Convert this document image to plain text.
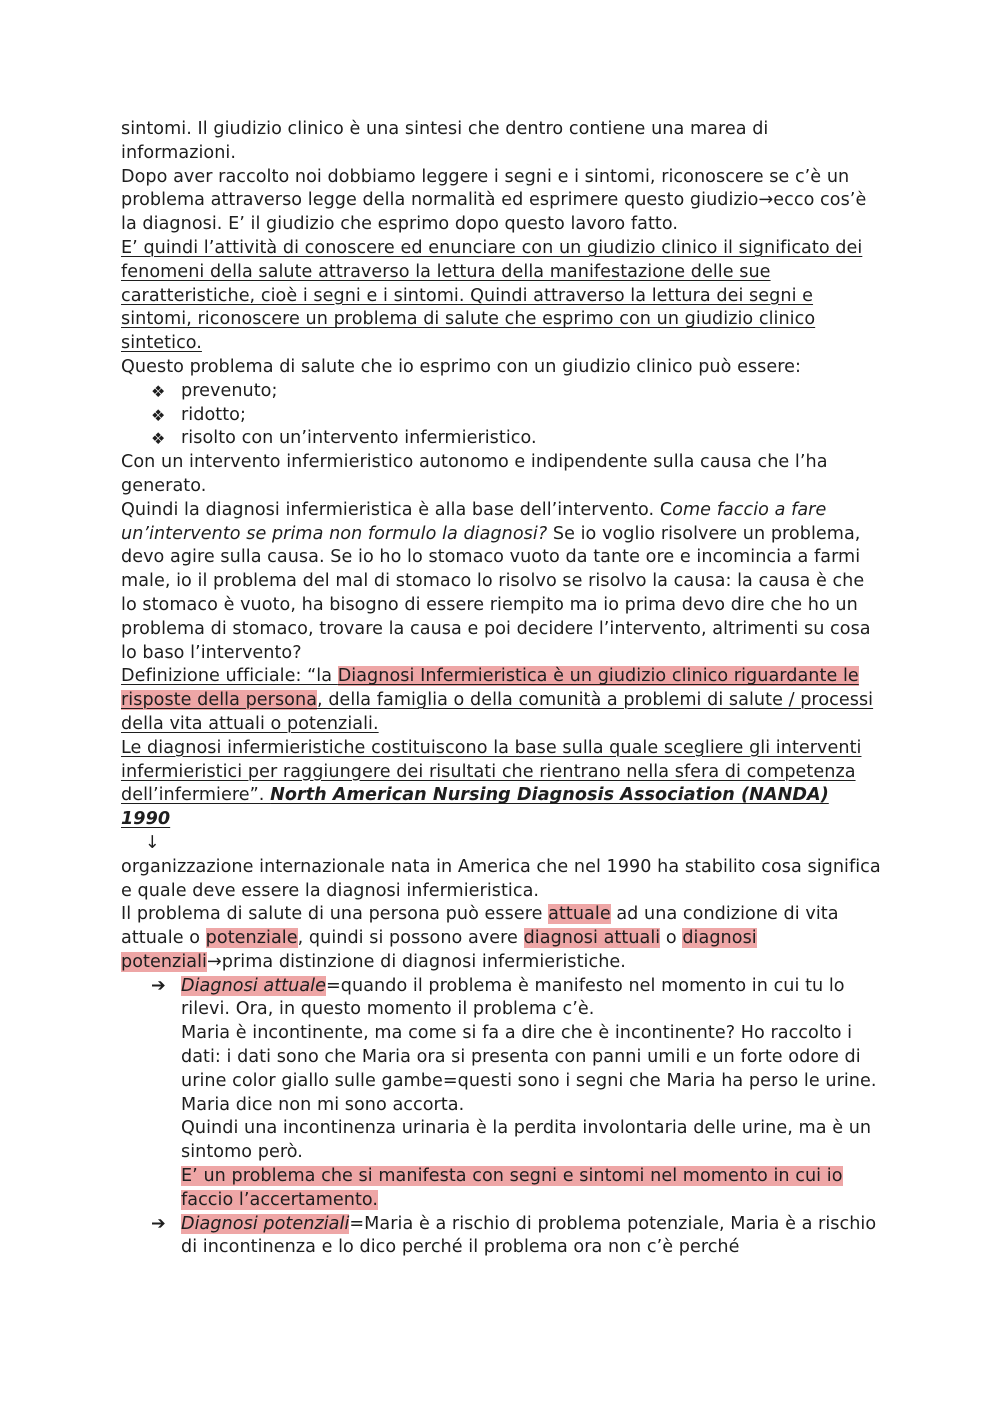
sintomi. Il giudizio clinico è una sintesi che dentro contiene una marea di informazioni.

Dopo aver raccolto noi dobbiamo leggere i segni e i sintomi, riconoscere se c’è un problema attraverso legge della normalità ed esprimere questo giudizio→ecco cos’è la diagnosi. E’ il giudizio che esprimo dopo questo lavoro fatto.

E’ quindi l’attività di conoscere ed enunciare con un giudizio clinico il significato dei fenomeni della salute attraverso la lettura della manifestazione delle sue caratteristiche, cioè i segni e i sintomi. Quindi attraverso la lettura dei segni e sintomi, riconoscere un problema di salute che esprimo con un giudizio clinico sintetico.

Questo problema di salute che io esprimo con un giudizio clinico può essere:

❖ prevenuto;
❖ ridotto;
❖ risolto con un’intervento infermieristico.

Con un intervento infermieristico autonomo e indipendente sulla causa che l’ha generato.

Quindi la diagnosi infermieristica è alla base dell’intervento. Come faccio a fare un’intervento se prima non formulo la diagnosi? Se io voglio risolvere un problema, devo agire sulla causa. Se io ho lo stomaco vuoto da tante ore e incomincia a farmi male, io il problema del mal di stomaco lo risolvo se risolvo la causa: la causa è che lo stomaco è vuoto, ha bisogno di essere riempito ma io prima devo dire che ho un problema di stomaco, trovare la causa e poi decidere l’intervento, altrimenti su cosa lo baso l’intervento?

Definizione ufficiale: “la Diagnosi Infermieristica è un giudizio clinico riguardante le risposte della persona, della famiglia o della comunità a problemi di salute / processi della vita attuali o potenziali.

Le diagnosi infermieristiche costituiscono la base sulla quale scegliere gli interventi infermieristici per raggiungere dei risultati che rientrano nella sfera di competenza dell’infermiere”. North American Nursing Diagnosis Association (NANDA) 1990

↓

organizzazione internazionale nata in America che nel 1990 ha stabilito cosa significa e quale deve essere la diagnosi infermieristica.

Il problema di salute di una persona può essere attuale ad una condizione di vita attuale o potenziale, quindi si possono avere diagnosi attuali o diagnosi potenziali→prima distinzione di diagnosi infermieristiche.

➔ Diagnosi attuale=quando il problema è manifesto nel momento in cui tu lo rilevi. Ora, in questo momento il problema c’è.

Maria è incontinente, ma come si fa a dire che è incontinente? Ho raccolto i dati: i dati sono che Maria ora si presenta con panni umili e un forte odore di urine color giallo sulle gambe=questi sono i segni che Maria ha perso le urine. Maria dice non mi sono accorta.

Quindi una incontinenza urinaria è la perdita involontaria delle urine, ma è un sintomo però.

E’ un problema che si manifesta con segni e sintomi nel momento in cui io faccio l’accertamento.

➔ Diagnosi potenziali=Maria è a rischio di problema potenziale, Maria è a rischio di incontinenza e lo dico perché il problema ora non c’è perché
